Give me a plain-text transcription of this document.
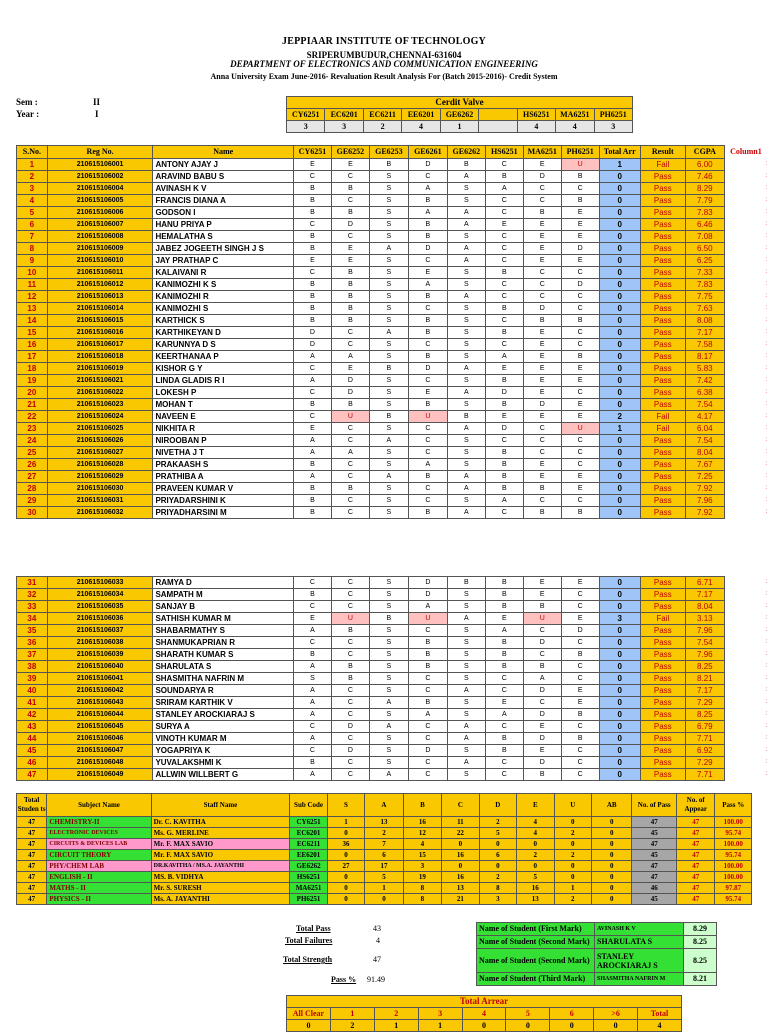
JEPPIAAR INSTITUTE OF TECHNOLOGY
SRIPERUMBUDUR,CHENNAI-631604
DEPARTMENT OF ELECTRONICS AND COMMUNICATION ENGINEERING
Anna University Exam June-2016- Revaluation Result Analysis For (Batch 2015-2016)- Credit System
Sem :	II
Year :	I
Cerdit Valve								
CY6251	EC6201	EC6211	EE6201	GE6262		HS6251	MA6251	PH6251
3	3	2	4	1		4	4	3
S.No.	Reg No.	Name	CY6251	GE6252	GE6253	GE6261	GE6262	HS6251	MA6251	PH6251	Total Arr	Result	CGPA	Column1
1	210615106001	ANTONY AJAY J	E	E	B	D	B	C	E	U	1	Fail	6.00	:
2	210615106002	ARAVIND BABU S	C	C	S	C	A	B	D	B	0	Pass	7.46	:
3	210615106004	AVINASH K V	B	B	S	A	S	A	C	C	0	Pass	8.29	:
4	210615106005	FRANCIS DIANA A	B	C	S	B	S	C	C	B	0	Pass	7.79	:
5	210615106006	GODSON I	B	B	S	A	A	C	B	E	0	Pass	7.83	:
6	210615106007	HANU PRIYA P	C	D	S	B	A	E	E	E	0	Pass	6.46	:
7	210615106008	HEMALATHA S	B	C	S	B	S	C	E	E	0	Pass	7.08	:
8	210615106009	JABEZ JOGEETH SINGH J S	B	E	A	D	A	C	E	D	0	Pass	6.50	:
9	210615106010	JAY PRATHAP C	E	E	S	C	A	C	E	E	0	Pass	6.25	:
10	210615106011	KALAIVANI R	C	B	S	E	S	B	C	C	0	Pass	7.33	:
11	210615106012	KANIMOZHI K S	B	B	S	A	S	C	C	D	0	Pass	7.83	:
12	210615106013	KANIMOZHI R	B	B	S	B	A	C	C	C	0	Pass	7.75	:
13	210615106014	KANIMOZHI S	B	B	S	C	S	B	D	C	0	Pass	7.63	:
14	210615106015	KARTHICK S	B	B	S	B	S	C	B	B	0	Pass	8.08	:
15	210615106016	KARTHIKEYAN D	D	C	A	B	S	B	E	C	0	Pass	7.17	:
16	210615106017	KARUNNYA D S	D	C	S	C	S	C	E	C	0	Pass	7.58	:
17	210615106018	KEERTHANAA P	A	A	S	B	S	A	E	B	0	Pass	8.17	:
18	210615106019	KISHOR G Y	C	E	B	D	A	E	E	E	0	Pass	5.83	:
19	210615106021	LINDA GLADIS R I	A	D	S	C	S	B	E	E	0	Pass	7.42	:
20	210615106022	LOKESH P	C	D	S	E	A	D	E	C	0	Pass	6.38	:
21	210615106023	MOHAN T	B	B	S	B	S	B	D	E	0	Pass	7.54	:
22	210615106024	NAVEEN E	C	U	B	U	B	E	E	E	2	Fail	4.17	:
23	210615106025	NIKHITA R	E	C	S	C	A	D	C	U	1	Fail	6.04	:
24	210615106026	NIROOBAN P	A	C	A	C	S	C	C	C	0	Pass	7.54	:
25	210615106027	NIVETHA J T	A	A	S	C	S	B	C	C	0	Pass	8.04	:
26	210615106028	PRAKAASH S	B	C	S	A	S	B	E	C	0	Pass	7.67	:
27	210615106029	PRATHIBA A	A	C	A	B	A	B	E	E	0	Pass	7.25	:
28	210615106030	PRAVEEN KUMAR V	B	B	S	C	A	B	B	E	0	Pass	7.92	:
29	210615106031	PRIYADARSHINI K	B	C	S	C	S	A	C	C	0	Pass	7.96	:
30	210615106032	PRIYADHARSINI M	B	C	S	B	A	C	B	B	0	Pass	7.92	:
31	210615106033	RAMYA D	C	C	S	D	B	B	E	E	0	Pass	6.71	:
32	210615106034	SAMPATH M	B	C	S	D	S	B	E	C	0	Pass	7.17	:
33	210615106035	SANJAY B	C	C	S	A	S	B	B	C	0	Pass	8.04	:
34	210615106036	SATHISH KUMAR M	E	U	B	U	A	E	U	E	3	Fail	3.13	:
35	210615106037	SHABARMATHY S	A	B	S	C	S	A	C	D	0	Pass	7.96	:
36	210615106038	SHANMUKAPRIAN R	C	C	S	B	S	B	D	C	0	Pass	7.54	:
37	210615106039	SHARATH KUMAR S	B	C	S	B	S	B	C	B	0	Pass	7.96	:
38	210615106040	SHARULATA S	A	B	S	B	S	B	B	C	0	Pass	8.25	:
39	210615106041	SHASMITHA NAFRIN M	S	B	S	C	S	C	A	C	0	Pass	8.21	:
40	210615106042	SOUNDARYA R	A	C	S	C	A	C	D	E	0	Pass	7.17	:
41	210615106043	SRIRAM KARTHIK V	A	C	A	B	S	E	C	E	0	Pass	7.29	:
42	210615106044	STANLEY AROCKIARAJ S	A	C	S	A	S	A	D	B	0	Pass	8.25	:
43	210615106045	SURYA A	C	D	A	C	A	C	E	C	0	Pass	6.79	:
44	210615106046	VINOTH KUMAR M	A	C	S	C	A	B	D	B	0	Pass	7.71	:
45	210615106047	YOGAPRIYA K	C	D	S	D	S	B	E	C	0	Pass	6.92	:
46	210615106048	YUVALAKSHMI K	B	C	S	C	A	C	D	C	0	Pass	7.29	:
47	210615106049	ALLWIN WILLBERT G	A	C	A	C	S	C	B	C	0	Pass	7.71	:
Total Studen ts	Subject Name	Staff Name	Sub Code	S	A	B	C	D	E	U	AB	No. of Pass	No. of Appear	Pass %
47	CHEMISTRY-II	Dr. C. KAVITHA	CY6251	1	13	16	11	2	4	0	0	47	47	100.00
47	ELECTRONIC DEVICES	Ms. G. MERLINE	EC6201	0	2	12	22	5	4	2	0	45	47	95.74
47	CIRCUITS & DEVICES LAB	Mr. F. MAX SAVIO	EC6211	36	7	4	0	0	0	0	0	47	47	100.00
47	CIRCUIT THEORY	Mr. F. MAX SAVIO	EE6201	0	6	15	16	6	2	2	0	45	47	95.74
47	PHY/CHEM LAB	DR.KAVITHA / MS.A. JAYANTHI	GE6262	27	17	3	0	0	0	0	0	47	47	100.00
47	ENGLISH - II	MS. B. VIDHYA	HS6251	0	5	19	16	2	5	0	0	47	47	100.00
47	MATHS - II	Mr. S. SURESH	MA6251	0	1	8	13	8	16	1	0	46	47	97.87
47	PHYSICS - II	Ms. A. JAYANTHI	PH6251	0	0	8	21	3	13	2	0	45	47	95.74
Total Pass	43
Total Failures	4
Total Strength	47
Pass % 91.49
Name of Student (First Mark)	AVINASH K V	8.29
Name of Student (Second Mark)	SHARULATA S	8.25
Name of Student (Second Mark)	STANLEY AROCKIARAJ S	8.25
Name of Student (Third Mark)	SHASMITHA NAFRIN M	8.21
Total Arrear								
All Clear	1	2	3	4	5	6	>6	Total
0	2	1	1	0	0	0	0	4
